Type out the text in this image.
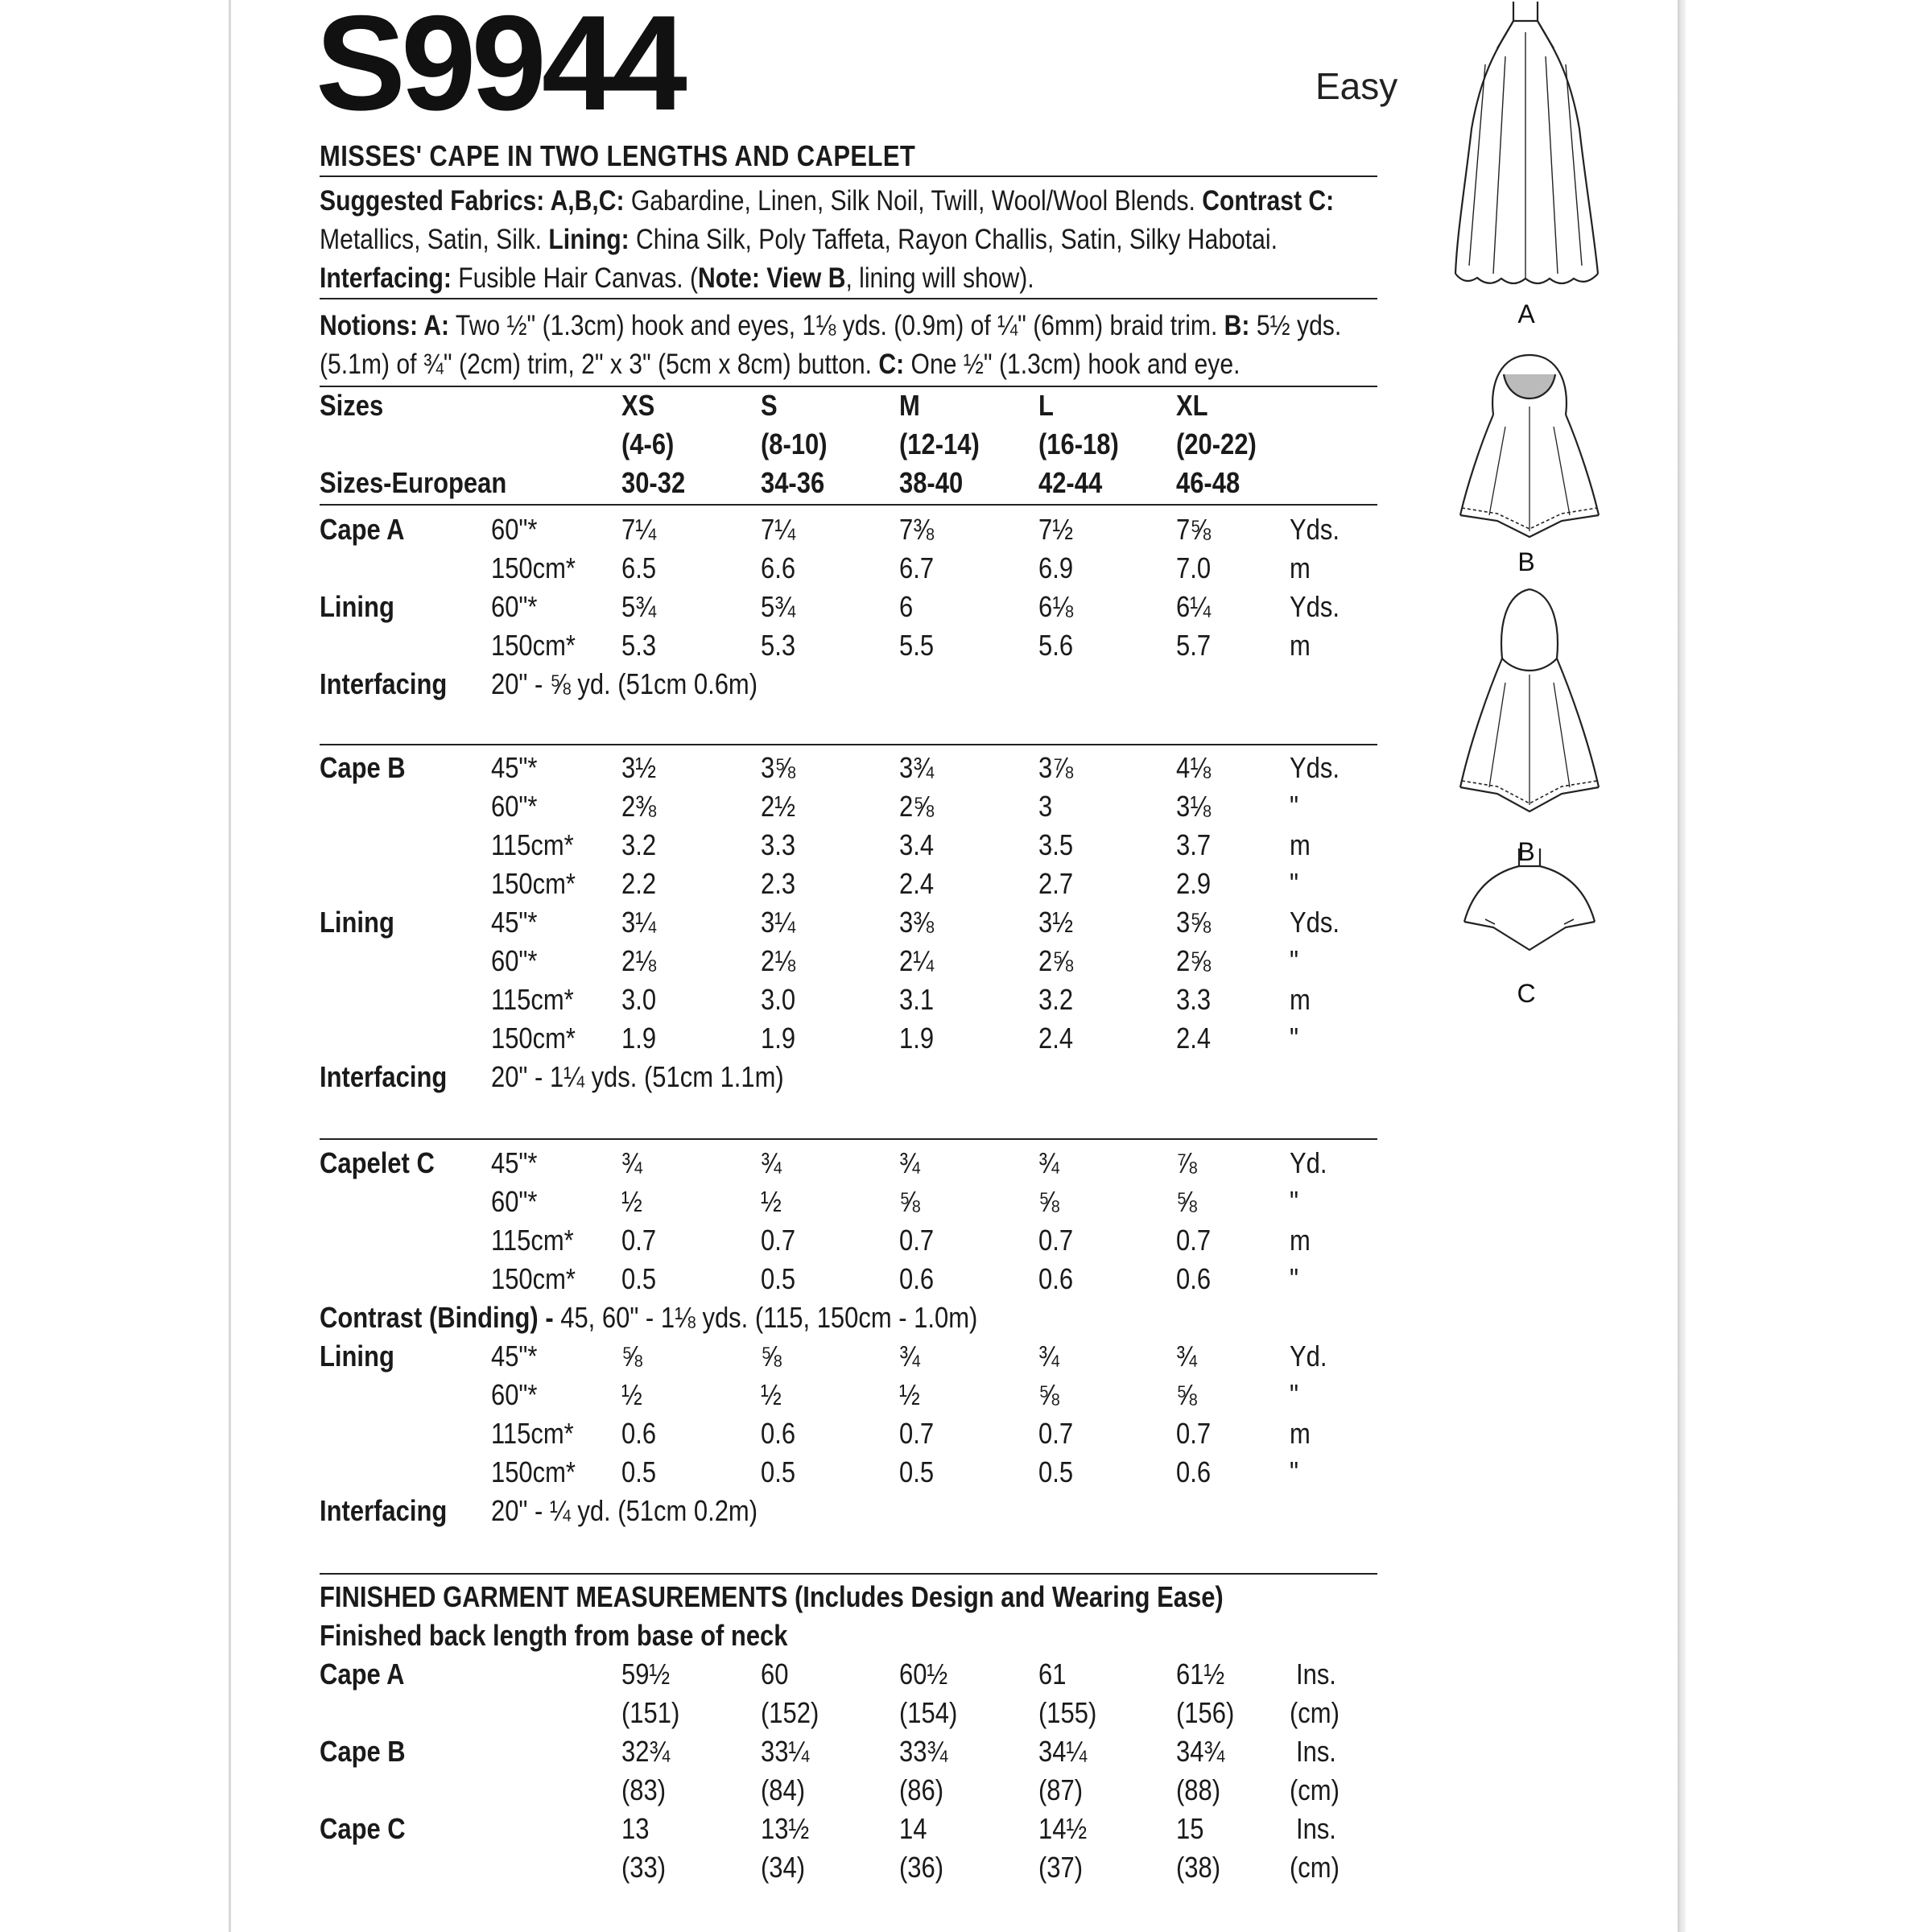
S9944	Easy
MISSES' CAPE IN TWO LENGTHS AND CAPELET
Suggested Fabrics: A,B,C: Gabardine, Linen, Silk Noil, Twill, Wool/Wool Blends. Contrast C:
Metallics, Satin, Silk. Lining: China Silk, Poly Taffeta, Rayon Challis, Satin, Silky Habotai.
Interfacing: Fusible Hair Canvas. (Note: View B, lining will show).
Notions: A: Two ½" (1.3cm) hook and eyes, 1⅛ yds. (0.9m) of ¼" (6mm) braid trim. B: 5½ yds.
(5.1m) of ¾" (2cm) trim, 2" x 3" (5cm x 8cm) button. C: One ½" (1.3cm) hook and eye.
Sizes	XS	S	M	L	XL
(4-6)	(8-10) (12-14) (16-18) (20-22)
Sizes-European	30-32	34-36	38-40	42-44	46-48
Cape A	60"*	7¼	7¼	7⅜	7½	7⅝	Yds.
150cm* 6.5	6.6	6.7	6.9	7.0	m
Lining	60"*	5¾	5¾	6	6⅛	6¼	Yds.
150cm* 5.3	5.3	5.5	5.6	5.7	m
Interfacing 20" - ⅝ yd. (51cm 0.6m)
Cape B	45"*	3½	3⅝	3¾	3⅞	4⅛	Yds.
60"*	2⅜	2½	2⅝	3	3⅛	"
115cm* 3.2	3.3	3.4	3.5	3.7	m
150cm* 2.2	2.3	2.4	2.7	2.9	"
Lining	45"*	3¼	3¼	3⅜	3½	3⅝	Yds.
60"*	2⅛	2⅛	2¼	2⅝	2⅝	"
115cm* 3.0	3.0	3.1	3.2	3.3	m
150cm* 1.9	1.9	1.9	2.4	2.4	"
Interfacing 20" - 1¼ yds. (51cm 1.1m)
Capelet C 45"*	¾	¾	¾	¾	⅞	Yd.
60"*	½	½	⅝	⅝	⅝	"
115cm* 0.7	0.7	0.7	0.7	0.7	m
150cm* 0.5	0.5	0.6	0.6	0.6	"
Contrast (Binding) - 45, 60" - 1⅛ yds. (115, 150cm - 1.0m)
Lining	45"*	⅝	⅝	¾	¾	¾	Yd.
60"*	½	½	½	⅝	⅝	"
115cm* 0.6	0.6	0.7	0.7	0.7	m
150cm* 0.5	0.5	0.5	0.5	0.6	"
Interfacing 20" - ¼ yd. (51cm 0.2m)
FINISHED GARMENT MEASUREMENTS (Includes Design and Wearing Ease)
Finished back length from base of neck
Cape A	59½	60	60½	61	61½ Ins.
(151)	(152)	(154)	(155)	(156) (cm)
Cape B	32¾	33¼	33¾	34¼	34¾ Ins.
(83)	(84)	(86)	(87)	(88) (cm)
Cape C	13	13½	14	14½	15	Ins.
(33)	(34)	(36)	(37)	(38) (cm)
A
B
B
C
